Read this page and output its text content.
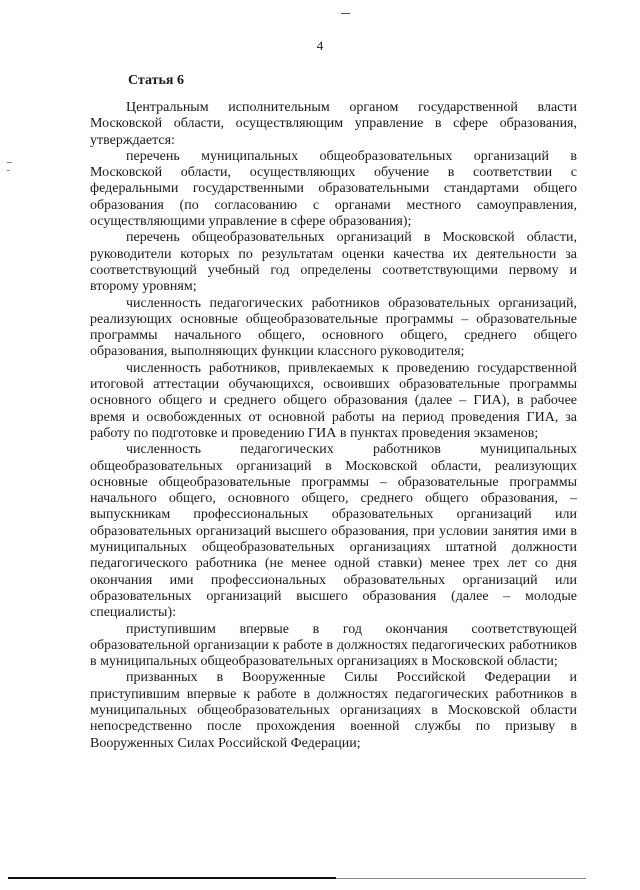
4
Статья 6

Центральным исполнительным органом государственной власти Московской области, осуществляющим управление в сфере образования, утверждается:

перечень муниципальных общеобразовательных организаций в Московской области, осуществляющих обучение в соответствии с федеральными государственными образовательными стандартами общего образования (по согласованию с органами местного самоуправления, осуществляющими управление в сфере образования);

перечень общеобразовательных организаций в Московской области, руководители которых по результатам оценки качества их деятельности за соответствующий учебный год определены соответствующими первому и второму уровням;

численность педагогических работников образовательных организаций, реализующих основные общеобразовательные программы – образовательные программы начального общего, основного общего, среднего общего образования, выполняющих функции классного руководителя;

численность работников, привлекаемых к проведению государственной итоговой аттестации обучающихся, освоивших образовательные программы основного общего и среднего общего образования (далее – ГИА), в рабочее время и освобожденных от основной работы на период проведения ГИА, за работу по подготовке и проведению ГИА в пунктах проведения экзаменов;

численность педагогических работников муниципальных общеобразовательных организаций в Московской области, реализующих основные общеобразовательные программы – образовательные программы начального общего, основного общего, среднего общего образования, – выпускникам профессиональных образовательных организаций или образовательных организаций высшего образования, при условии занятия ими в муниципальных общеобразовательных организациях штатной должности педагогического работника (не менее одной ставки) менее трех лет со дня окончания ими профессиональных образовательных организаций или образовательных организаций высшего образования (далее – молодые специалисты):

приступившим впервые в год окончания соответствующей образовательной организации к работе в должностях педагогических работников в муниципальных общеобразовательных организациях в Московской области;

призванных в Вооруженные Силы Российской Федерации и приступившим впервые к работе в должностях педагогических работников в муниципальных общеобразовательных организациях в Московской области непосредственно после прохождения военной службы по призыву в Вооруженных Силах Российской Федерации;
